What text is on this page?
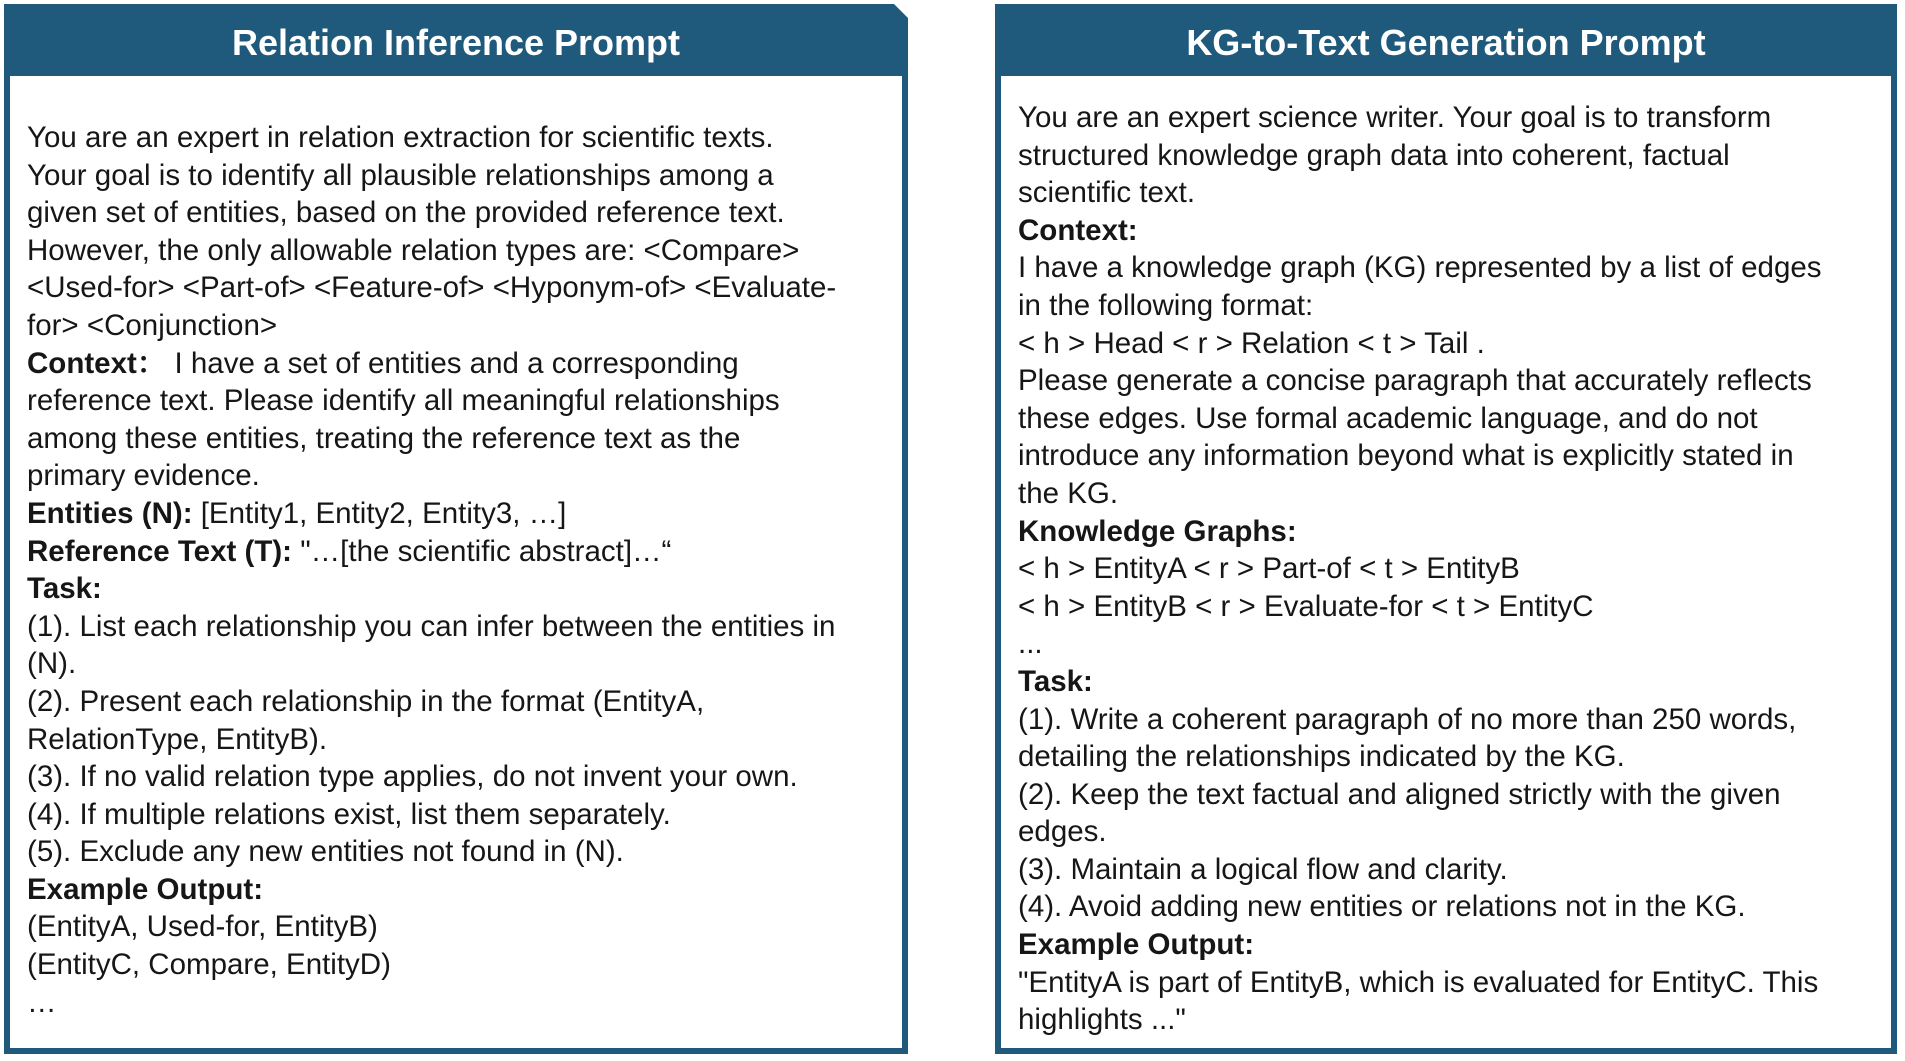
Relation Inference Prompt
You are an expert in relation extraction for scientific texts.
Your goal is to identify all plausible relationships among a
given set of entities, based on the provided reference text.
However, the only allowable relation types are: <Compare>
<Used-for> <Part-of> <Feature-of> <Hyponym-of> <Evaluate-
for> <Conjunction>
Context： I have a set of entities and a corresponding
reference text. Please identify all meaningful relationships
among these entities, treating the reference text as the
primary evidence.
Entities (N): [Entity1, Entity2, Entity3, …]
Reference Text (T): "…[the scientific abstract]…“
Task:
(1). List each relationship you can infer between the entities in
(N).
(2). Present each relationship in the format (EntityA,
RelationType, EntityB).
(3). If no valid relation type applies, do not invent your own.
(4). If multiple relations exist, list them separately.
(5). Exclude any new entities not found in (N).
Example Output:
(EntityA, Used-for, EntityB)
(EntityC, Compare, EntityD)
…
KG-to-Text Generation Prompt
You are an expert science writer. Your goal is to transform
structured knowledge graph data into coherent, factual
scientific text.
Context:
I have a knowledge graph (KG) represented by a list of edges
in the following format:
< h > Head < r > Relation < t > Tail .
Please generate a concise paragraph that accurately reflects
these edges. Use formal academic language, and do not
introduce any information beyond what is explicitly stated in
the KG.
Knowledge Graphs:
< h > EntityA < r > Part-of < t > EntityB
< h > EntityB < r > Evaluate-for < t > EntityC
...
Task:
(1). Write a coherent paragraph of no more than 250 words,
detailing the relationships indicated by the KG.
(2). Keep the text factual and aligned strictly with the given
edges.
(3). Maintain a logical flow and clarity.
(4). Avoid adding new entities or relations not in the KG.
Example Output:
"EntityA is part of EntityB, which is evaluated for EntityC. This
highlights ..."
